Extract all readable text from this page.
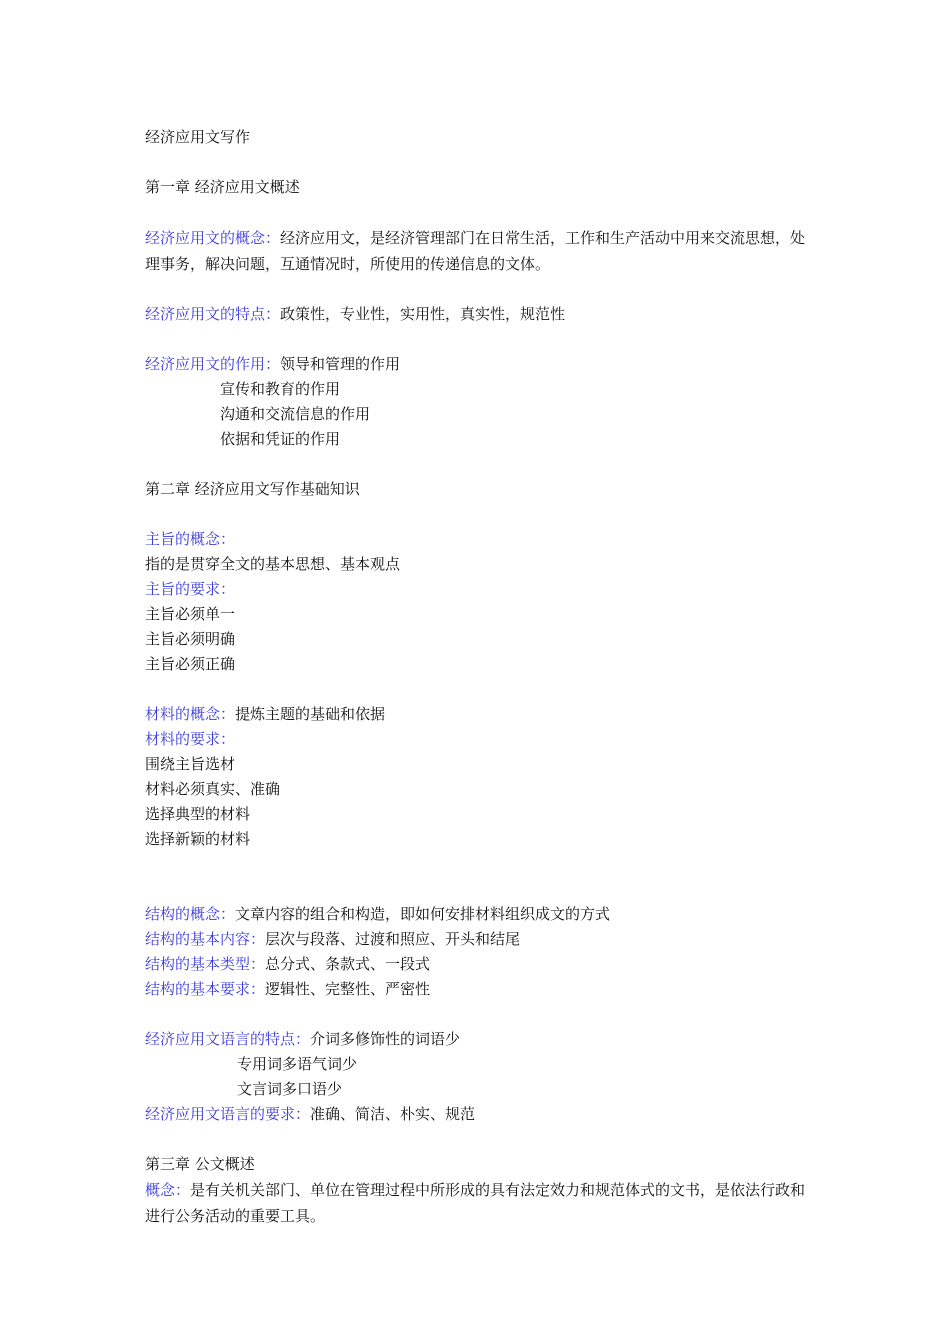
经济应用文写作
第一章 经济应用文概述
经济应用文的概念：经济应用文，是经济管理部门在日常生活，工作和生产活动中用来交流思想，处理事务，解决问题，互通情况时，所使用的传递信息的文体。
经济应用文的特点：政策性，专业性，实用性，真实性，规范性
经济应用文的作用：领导和管理的作用
宣传和教育的作用
沟通和交流信息的作用
依据和凭证的作用
第二章 经济应用文写作基础知识
主旨的概念：
指的是贯穿全文的基本思想、基本观点
主旨的要求：
主旨必须单一
主旨必须明确
主旨必须正确
材料的概念：提炼主题的基础和依据
材料的要求：
围绕主旨选材
材料必须真实、准确
选择典型的材料
选择新颖的材料
结构的概念：文章内容的组合和构造，即如何安排材料组织成文的方式
结构的基本内容：层次与段落、过渡和照应、开头和结尾
结构的基本类型：总分式、条款式、一段式
结构的基本要求：逻辑性、完整性、严密性
经济应用文语言的特点：介词多修饰性的词语少
专用词多语气词少
文言词多口语少
经济应用文语言的要求：准确、简洁、朴实、规范
第三章 公文概述
概念：是有关机关部门、单位在管理过程中所形成的具有法定效力和规范体式的文书，是依法行政和进行公务活动的重要工具。
